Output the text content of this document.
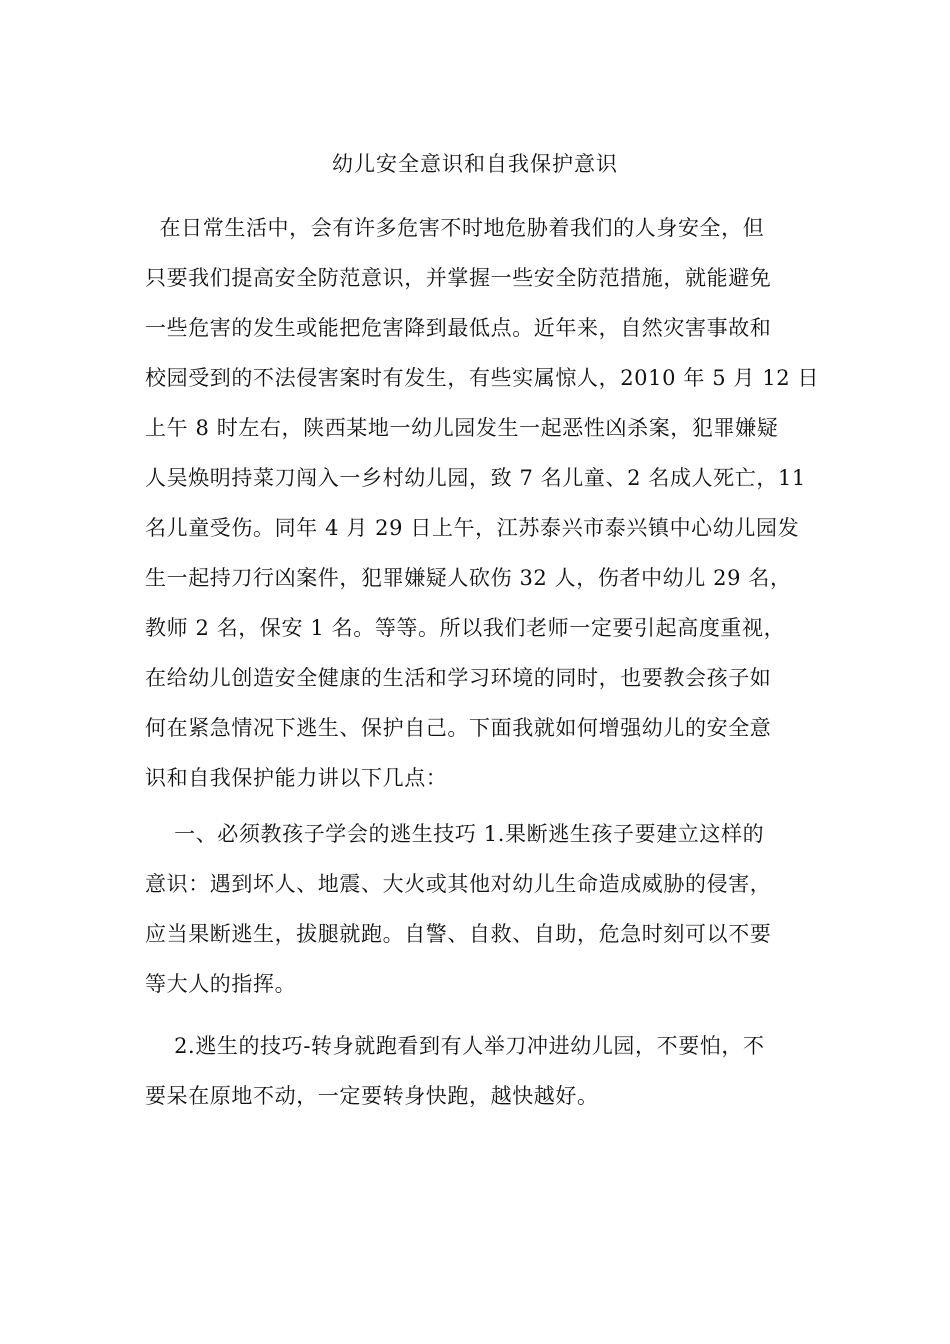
幼儿安全意识和自我保护意识
在日常生活中，会有许多危害不时地危胁着我们的人身安全，但
只要我们提高安全防范意识，并掌握一些安全防范措施，就能避免
一些危害的发生或能把危害降到最低点。近年来，自然灾害事故和
校园受到的不法侵害案时有发生，有些实属惊人，2010 年 5 月 12 日
上午 8 时左右，陕西某地一幼儿园发生一起恶性凶杀案，犯罪嫌疑
人吴焕明持菜刀闯入一乡村幼儿园，致 7 名儿童、2 名成人死亡，11
名儿童受伤。同年 4 月 29 日上午，江苏泰兴市泰兴镇中心幼儿园发
生一起持刀行凶案件，犯罪嫌疑人砍伤 32 人，伤者中幼儿 29 名，
教师 2 名，保安 1 名。等等。所以我们老师一定要引起高度重视，
在给幼儿创造安全健康的生活和学习环境的同时，也要教会孩子如
何在紧急情况下逃生、保护自己。下面我就如何增强幼儿的安全意
识和自我保护能力讲以下几点：
一、必须教孩子学会的逃生技巧 1.果断逃生孩子要建立这样的
意识：遇到坏人、地震、大火或其他对幼儿生命造成威胁的侵害，
应当果断逃生，拔腿就跑。自警、自救、自助，危急时刻可以不要
等大人的指挥。
2.逃生的技巧-转身就跑看到有人举刀冲进幼儿园，不要怕，不
要呆在原地不动，一定要转身快跑，越快越好。
